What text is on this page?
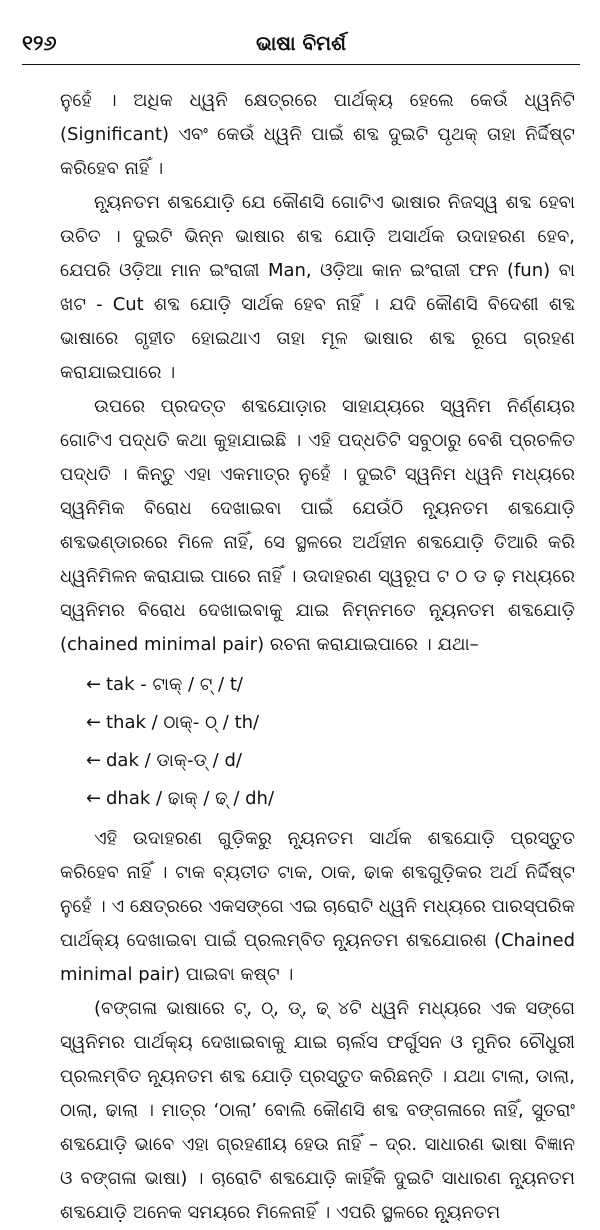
୧୨୬	ଭାଷା ବିମର୍ଶ

ନୁହେଁ । ଅଧିକ ଧ୍ୱନି କ୍ଷେତ୍ରରେ ପାର୍ଥକ୍ୟ ହେଲେ କେଉଁ ଧ୍ୱନିଟି (Significant) ଏବଂ କେଉଁ ଧ୍ୱନି ପାଇଁ ଶବ୍ଦ ଦୁଇଟି ପୃଥକ୍ ତାହା ନିର୍ଦ୍ଦିଷ୍ଟ କରିହେବ ନାହିଁ ।

ନ୍ୟୂନତମ ଶବ୍ଦଯୋଡ଼ି ଯେ କୌଣସି ଗୋଟିଏ ଭାଷାର ନିଜସ୍ୱ ଶବ୍ଦ ହେବା ଉଚିତ । ଦୁଇଟି ଭିନ୍ନ ଭାଷାର ଶବ୍ଦ ଯୋଡ଼ି ଅସାର୍ଥକ ଉଦାହରଣ ହେବ, ଯେପରି ଓଡ଼ିଆ ମାନ ଇଂରାଜୀ Man, ଓଡ଼ିଆ କାନ ଇଂରାଜୀ ଫନ (fun) ବା ଖଟ - Cut ଶବ୍ଦ ଯୋଡ଼ି ସାର୍ଥକ ହେବ ନାହିଁ । ଯଦି କୌଣସି ବିଦେଶୀ ଶବ୍ଦ ଭାଷାରେ ଗୃହୀତ ହୋଇଥାଏ ତାହା ମୂଳ ଭାଷାର ଶବ୍ଦ ରୂପେ ଗ୍ରହଣ କରାଯାଇପାରେ ।

ଉପରେ ପ୍ରଦତ୍ତ ଶବ୍ଦଯୋଡ଼ାର ସାହାଯ୍ୟରେ ସ୍ୱନିମ ନିର୍ଣ୍ଣୟର ଗୋଟିଏ ପଦ୍ଧତି କଥା କୁହାଯାଇଛି । ଏହି ପଦ୍ଧତିଟି ସବୁଠାରୁ ବେଶି ପ୍ରଚଳିତ ପଦ୍ଧତି । କିନ୍ତୁ ଏହା ଏକମାତ୍ର ନୁହେଁ । ଦୁଇଟି ସ୍ୱନିମ ଧ୍ୱନି ମଧ୍ୟରେ ସ୍ୱନିମିକ ବିରୋଧ ଦେଖାଇବା ପାଇଁ ଯେଉଁଠି ନ୍ୟୂନତମ ଶବ୍ଦଯୋଡ଼ି ଶବ୍ଦଭଣ୍ଡାରରେ ମିଳେ ନାହିଁ, ସେ ସ୍ଥଳରେ ଅର୍ଥହୀନ ଶବ୍ଦଯୋଡ଼ି ତିଆରି କରି ଧ୍ୱନିମିଳନ କରାଯାଇ ପାରେ ନାହିଁ । ଉଦାହରଣ ସ୍ୱରୂପ ଟ ଠ ଡ ଢ଼ ମଧ୍ୟରେ ସ୍ୱନିମର ବିରୋଧ ଦେଖାଇବାକୁ ଯାଇ ନିମ୍ନମତେ ନ୍ୟୂନତମ ଶବ୍ଦଯୋଡ଼ି (chained minimal pair) ରଚନା କରାଯାଇପାରେ । ଯଥା–

← tak - ଟାକ୍ / ଟ୍ / t/
← thak / ଠାକ୍- ଠ୍ / th/
← dak / ଡାକ୍-ଡ୍ / d/
← dhak / ଢାକ୍ / ଢ୍ / dh/

ଏହି ଉଦାହରଣ ଗୁଡ଼ିକରୁ ନ୍ୟୂନତମ ସାର୍ଥକ ଶବ୍ଦଯୋଡ଼ି ପ୍ରସ୍ତୁତ କରିହେବ ନାହିଁ । ଟାକ ବ୍ୟତୀତ ଟାକ, ଠାକ, ଢାକ ଶବ୍ଦଗୁଡ଼ିକର ଅର୍ଥ ନିର୍ଦ୍ଦିଷ୍ଟ ନୁହେଁ । ଏ କ୍ଷେତ୍ରରେ ଏକସଙ୍ଗେ ଏଇ ଚାରୋଟି ଧ୍ୱନି ମଧ୍ୟରେ ପାରସ୍ପରିକ ପାର୍ଥକ୍ୟ ଦେଖାଇବା ପାଇଁ ପ୍ରଲମ୍ବିତ ନ୍ୟୂନତମ ଶବ୍ଦଯୋରଶ (Chained minimal pair) ପାଇବା କଷ୍ଟ ।

(ବଙ୍ଗଳା ଭାଷାରେ ଟ୍, ଠ୍, ଡ୍, ଢ୍ ୪ଟି ଧ୍ୱନି ମଧ୍ୟରେ ଏକ ସଙ୍ଗେ ସ୍ୱନିମର ପାର୍ଥକ୍ୟ ଦେଖାଇବାକୁ ଯାଇ ଚାର୍ଲସ ଫର୍ଗୁସନ ଓ ମୁନିର ଚୌଧୁରୀ ପ୍ରଲମ୍ବିତ ନ୍ୟୂନତମ ଶବ୍ଦ ଯୋଡ଼ି ପ୍ରସ୍ତୁତ କରିଛନ୍ତି । ଯଥା ଟାଲା, ଡାଲା, ଠାଲା, ଢାଲା । ମାତ୍ର ‘ଠାଲା’ ବୋଲି କୌଣସି ଶବ୍ଦ ବଙ୍ଗଳାରେ ନାହିଁ, ସୁତରାଂ ଶବ୍ଦଯୋଡ଼ି ଭାବେ ଏହା ଗ୍ରହଣୀୟ ହେଉ ନାହିଁ – ଦ୍ର. ସାଧାରଣ ଭାଷା ବିଜ୍ଞାନ ଓ ବଙ୍ଗଳା ଭାଷା) । ଚାରୋଟି ଶବ୍ଦଯୋଡ଼ି କାହିଁକି ଦୁଇଟି ସାଧାରଣ ନ୍ୟୂନତମ ଶବ୍ଦଯୋଡ଼ି ଅନେକ ସମୟରେ ମିଳେନାହିଁ । ଏପରି ସ୍ଥଳରେ ନ୍ୟୂନତମ
